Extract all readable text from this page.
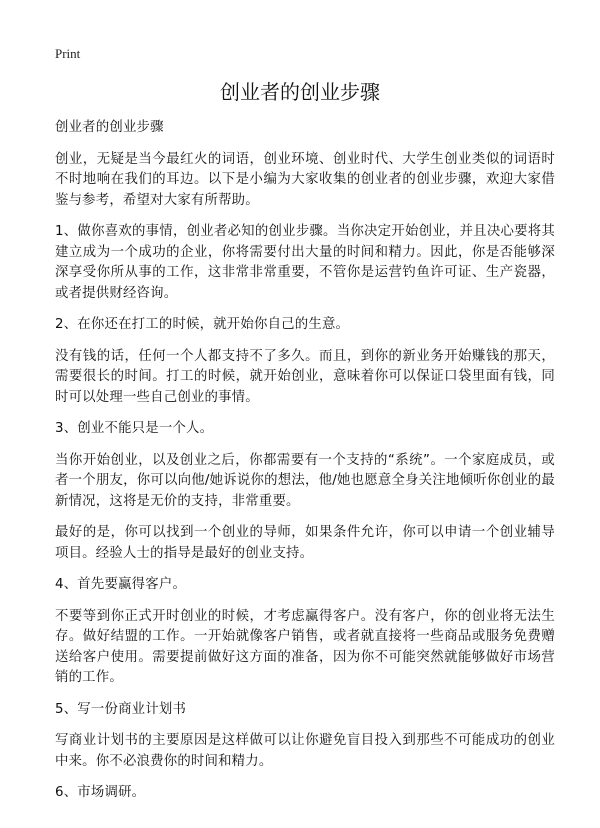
Print
创业者的创业步骤

创业者的创业步骤

创业，无疑是当今最红火的词语，创业环境、创业时代、大学生创业类似的词语时不时地响在我们的耳边。以下是小编为大家收集的创业者的创业步骤，欢迎大家借鉴与参考，希望对大家有所帮助。

1、做你喜欢的事情，创业者必知的创业步骤。当你决定开始创业，并且决心要将其建立成为一个成功的企业，你将需要付出大量的时间和精力。因此，你是否能够深深享受你所从事的工作，这非常非常重要，不管你是运营钓鱼许可证、生产瓷器，或者提供财经咨询。

2、在你还在打工的时候，就开始你自己的生意。

没有钱的话，任何一个人都支持不了多久。而且，到你的新业务开始赚钱的那天，需要很长的时间。打工的时候，就开始创业，意味着你可以保证口袋里面有钱，同时可以处理一些自己创业的事情。

3、创业不能只是一个人。

当你开始创业，以及创业之后，你都需要有一个支持的“系统”。一个家庭成员，或者一个朋友，你可以向他/她诉说你的想法，他/她也愿意全身关注地倾听你创业的最新情况，这将是无价的支持，非常重要。

最好的是，你可以找到一个创业的导师，如果条件允许，你可以申请一个创业辅导项目。经验人士的指导是最好的创业支持。

4、首先要赢得客户。

不要等到你正式开时创业的时候，才考虑赢得客户。没有客户，你的创业将无法生存。做好结盟的工作。一开始就像客户销售，或者就直接将一些商品或服务免费赠送给客户使用。需要提前做好这方面的准备，因为你不可能突然就能够做好市场营销的工作。

5、写一份商业计划书

写商业计划书的主要原因是这样做可以让你避免盲目投入到那些不可能成功的创业中来。你不必浪费你的时间和精力。

6、市场调研。
